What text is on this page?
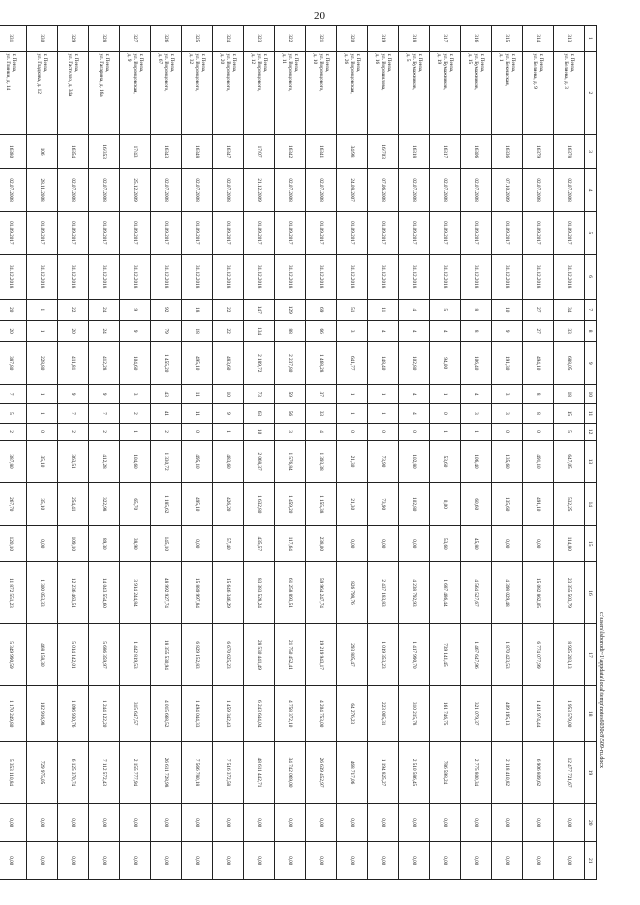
20
1	2	3	4	5	6	7	8	9	10	11	12	13	14	15	16	17	18	19	20	21
313	г. Пенза,
ул. Беляева, д. 3	16378	02.07.2008	01.09.2017	31.12.2018	34	33	688,05	18	15	5	647,05	532,25	114,80	23 355 503,79	8 925 203,13	1 953 579,00	12 477 721,67	0,00	0,00
314	г. Пенза,
ул. Беляева, д. 9	16379	02.07.2008	01.09.2017	31.12.2018	27	27	494,10	8	8	0	491,10	491,10	0,00	15 082 862,05	6 774 077,99	1 401 974,44	6 906 809,62	0,00	0,00
315	г. Пенза,
ул. Бекешская,
д. 1	16336	07.10.2009	01.09.2017	31.12.2018	10	9	191,30	3	3	0	135,60	135,60	0,00	4 398 029,48	1 870 423,53	409 195,13	2 118 410,82	0,00	0,00
316	г. Пенза,
ул. Бумажников,
д. 15	16306	02.07.2008	01.09.2017	31.12.2018	8	8	106,40	4	3	1	106,40	60,60	45,80	4 564 527,67	1 467 647,96	321 079,37	2 775 800,34	0,00	0,00
317	г. Пенза,
ул. Бумажников,
д. 19	16317	02.07.2008	01.09.2017	31.12.2018	5	4	94,00	1	0	1	53,60	0,00	53,60	1 687 486,44	739 141,45	161 746,75	786 598,24	0,00	0,00
318	г. Пенза,
ул. Бумажников,
д. 5	16318	02.07.2008	01.09.2017	31.12.2018	4	4	102,80	4	4	0	102,80	102,80	0,00	4 238 792,93	1 417 990,70	310 215,78	2 510 586,45	0,00	0,00
319	г. Пенза,
ул. Ворошилова,
д. 16	16/703	07.06.2008	01.09.2017	31.12.2018	11	4	148,40	1	1	0	73,90	73,90	0,00	2 437 183,83	1 019 353,23	223 005,31	1 194 825,27	0,00	0,00
320	г. Пенза,
ул. Воронцовская,
д. 26	34/98	24.08.2007	01.09.2017	31.12.2018	51	3	641,77	1	1	0	21,30	21,30	0,00	826 798,76	293 805,47	64 276,23	468 717,06	0,00	0,00
321	г. Пенза,
ул. Воронцового,
д. 10	16341	02.07.2008	01.09.2017	31.12.2018	69	66	1 468,28	37	33	4	1 393,38	1 155,38	238,00	59 964 247,74	19 219 943,17	4 204 753,00	26 639 452,97	0,00	0,00
322	г. Пенза,
ул. Воронцового,
д. 11	16342	02.07.2008	01.09.2017	31.12.2018	129	88	2 237,80	59	56	3	1 576,84	1 459,20	117,64	61 258 893,51	21 750 452,41	4 758 372,10	34 742 069,00	0,00	0,00
323	г. Пенза,
ул. Воронцового,
д. 12	17/07	21.12.2009	01.09.2017	31.12.2018	147	134	2 189,72	73	63	10	2 068,37	1 632,80	435,57	83 383 528,24	28 530 441,49	6 243 644,04	48 611 442,71	0,00	0,00
324	г. Пенза,
ул. Воронцового,
д. 20	16347	02.07.2008	01.09.2017	31.12.2018	22	22	483,60	10	9	1	483,60	426,20	57,40	15 646 346,29	6 670 625,23	1 459 342,43	7 516 372,58	0,00	0,00
325	г. Пенза,
ул. Воронцового,
д. 32	16348	02.07.2008	01.09.2017	31.12.2018	18	18	495,10	11	11	0	495,10	495,10	0,00	15 889 997,84	6 829 152,83	1 494 044,33	7 566 780,18	0,00	0,00
326	г. Пенза,
ул. Воронцового,
д. 67	16343	02.07.2008	01.09.2017	31.12.2018	92	79	1 455,20	43	41	2	1 330,72	1 185,62	145,10	48 992 927,74	18 355 530,94	4 015 668,52	26 611 728,98	0,00	0,00
327	г. Пенза,
ул. Воронцовская,
д. 9	17/43	25.12.2009	01.09.2017	31.12.2018	9	9	104,60	3	2	1	104,60	65,70	38,90	3 914 244,84	1 442 819,53	315 647,57	2 155 777,94	0,00	0,00
328	г. Пенза,
ул. Гагарина, д. 16а	16/353	02.07.2008	01.09.2017	31.12.2018	24	24	412,28	9	7	2	412,28	322,98	89,30	14 043 554,60	5 686 359,97	1 244 122,20	7 112 572,43	0,00	0,00
329	г. Пенза,
ул. Гастелло, д. 34а	16354	02.07.2008	01.09.2017	31.12.2018	22	20	411,81	9	7	2	363,51	254,41	109,10	12 236 463,51	5 014 142,01	1 096 930,76	6 125 370,74	0,00	0,00
330	г. Пенза,
ул. Гладкова, д. 12	106	28.11.2008	01.09.2017	31.12.2018	1	1	228,80	1	1	0	35,10	35,10	0,00	1 300 053,33	468 158,30	102 916,98	729 975,05	0,00	0,00
331	г. Пенза,
ул. Глинки, д. 14	16380	02.07.2008	01.09.2017	31.12.2018	20	20	387,80	7	5	2	387,80	267,70	120,10	11 872 551,23	5 349 990,59	1 170 249,80	5 353 110,84	0,00	0,00

c:\users\lsborodi~1\appdata\local\temp\notes6030c8\509-ru.docx
